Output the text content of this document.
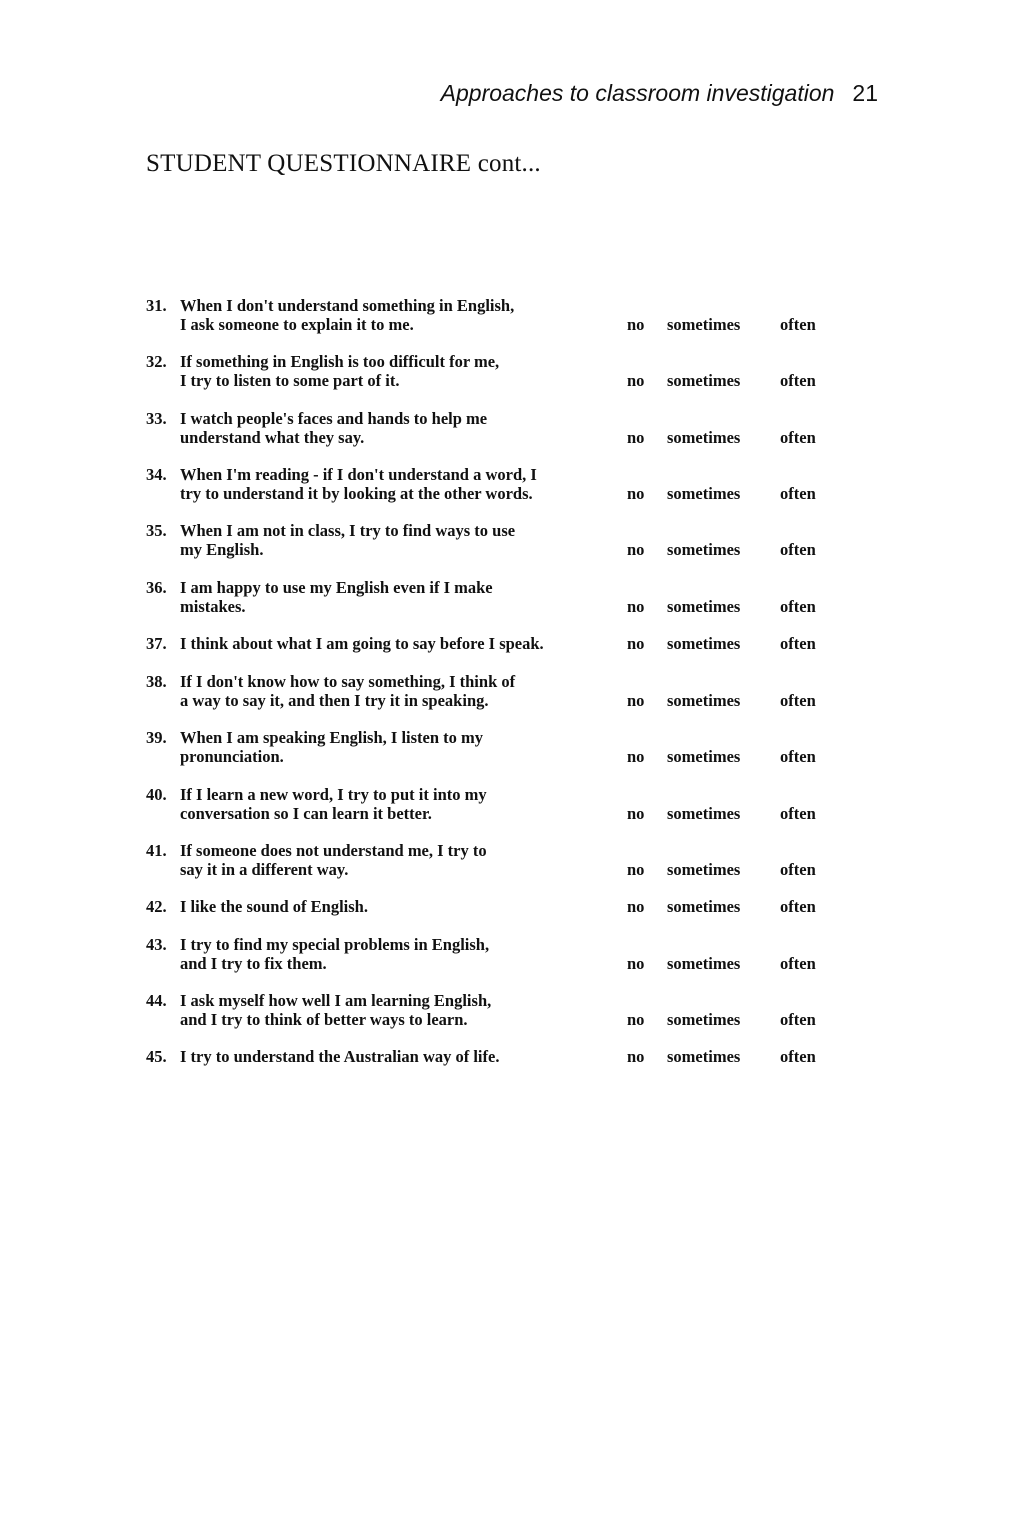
Approaches to classroom investigation 21
STUDENT QUESTIONNAIRE cont...
31. When I don't understand something in English,
I ask someone to explain it to me.	no sometimes often
32. If something in English is too difficult for me,
I try to listen to some part of it.	no sometimes often
33. I watch people's faces and hands to help me
understand what they say.	no sometimes often
34. When I'm reading - if I don't understand a word, I
try to understand it by looking at the other words.	no sometimes often
35. When I am not in class, I try to find ways to use
my English.	no sometimes often
36. I am happy to use my English even if I make
mistakes.	no sometimes often
37. I think about what I am going to say before I speak.	no sometimes often
38. If I don't know how to say something, I think of
a way to say it, and then I try it in speaking.	no sometimes often
39. When I am speaking English, I listen to my
pronunciation.	no sometimes often
40. If I learn a new word, I try to put it into my
conversation so I can learn it better.	no sometimes often
41. If someone does not understand me, I try to
say it in a different way.	no sometimes often
42. I like the sound of English.	no sometimes often
43. I try to find my special problems in English,
and I try to fix them.	no sometimes often
44. I ask myself how well I am learning English,
and I try to think of better ways to learn.	no sometimes often
45. I try to understand the Australian way of life.	no sometimes often
